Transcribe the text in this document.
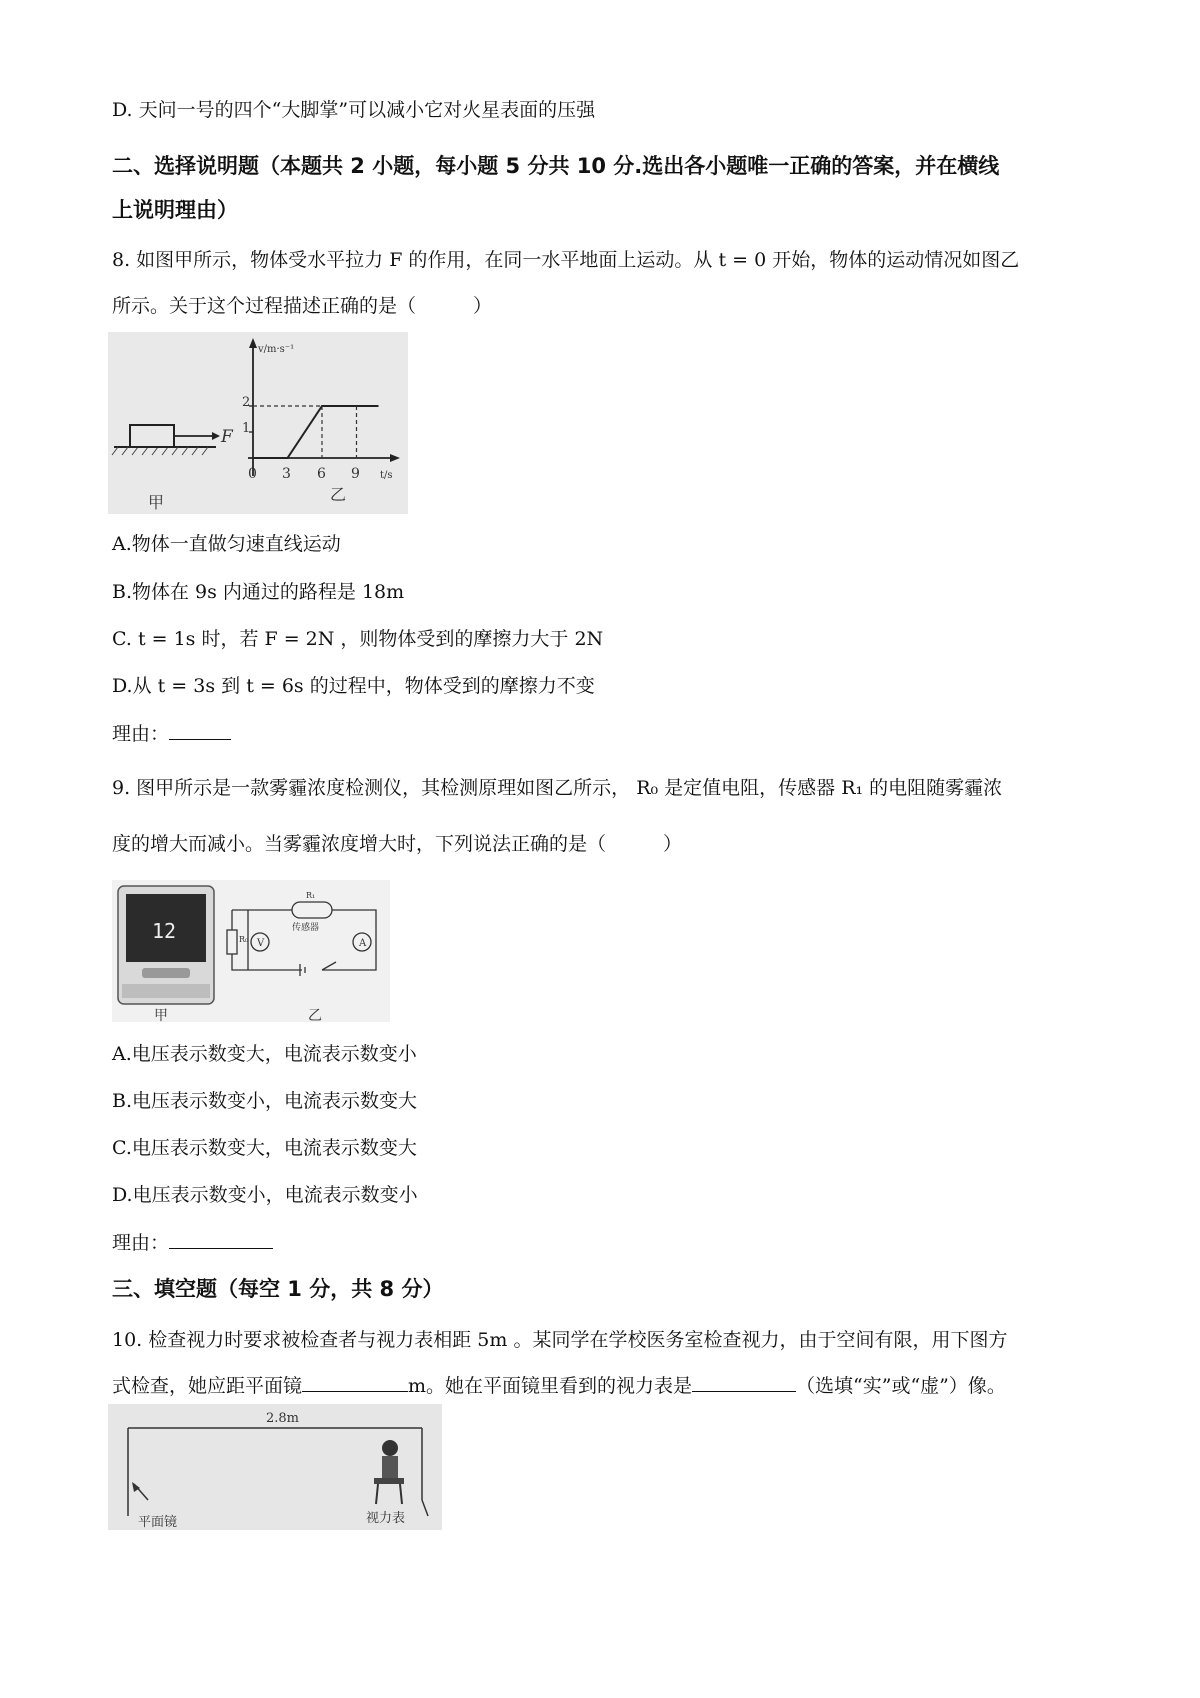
D. 天问一号的四个“大脚掌”可以减小它对火星表面的压强
二、选择说明题（本题共 2 小题，每小题 5 分共 10 分.选出各小题唯一正确的答案，并在横线
上说明理由）
8. 如图甲所示，物体受水平拉力 F 的作用，在同一水平地面上运动。从 t = 0 开始，物体的运动情况如图乙
所示。关于这个过程描述正确的是（　　　）
F
甲
v/m·s⁻¹
t/s
1
2
0 3 6 9
乙
A.物体一直做匀速直线运动
B.物体在 9s 内通过的路程是 18m
C. t = 1s 时，若 F = 2N ，则物体受到的摩擦力大于 2N
D.从 t = 3s 到 t = 6s 的过程中，物体受到的摩擦力不变
理由：
9. 图甲所示是一款雾霾浓度检测仪，其检测原理如图乙所示， R₀ 是定值电阻，传感器 R₁ 的电阻随雾霾浓
度的增大而减小。当雾霾浓度增大时，下列说法正确的是（　　　）
12
甲
V	A
传感器
R₀
R₁
乙
A.电压表示数变大，电流表示数变小
B.电压表示数变小，电流表示数变大
C.电压表示数变大，电流表示数变大
D.电压表示数变小，电流表示数变小
理由：
三、填空题（每空 1 分，共 8 分）
10. 检查视力时要求被检查者与视力表相距 5m 。某同学在学校医务室检查视力，由于空间有限，用下图方
式检查，她应距平面镜	m。她在平面镜里看到的视力表是	（选填“实”或“虚”）像。
2.8m
平面镜	视力表
